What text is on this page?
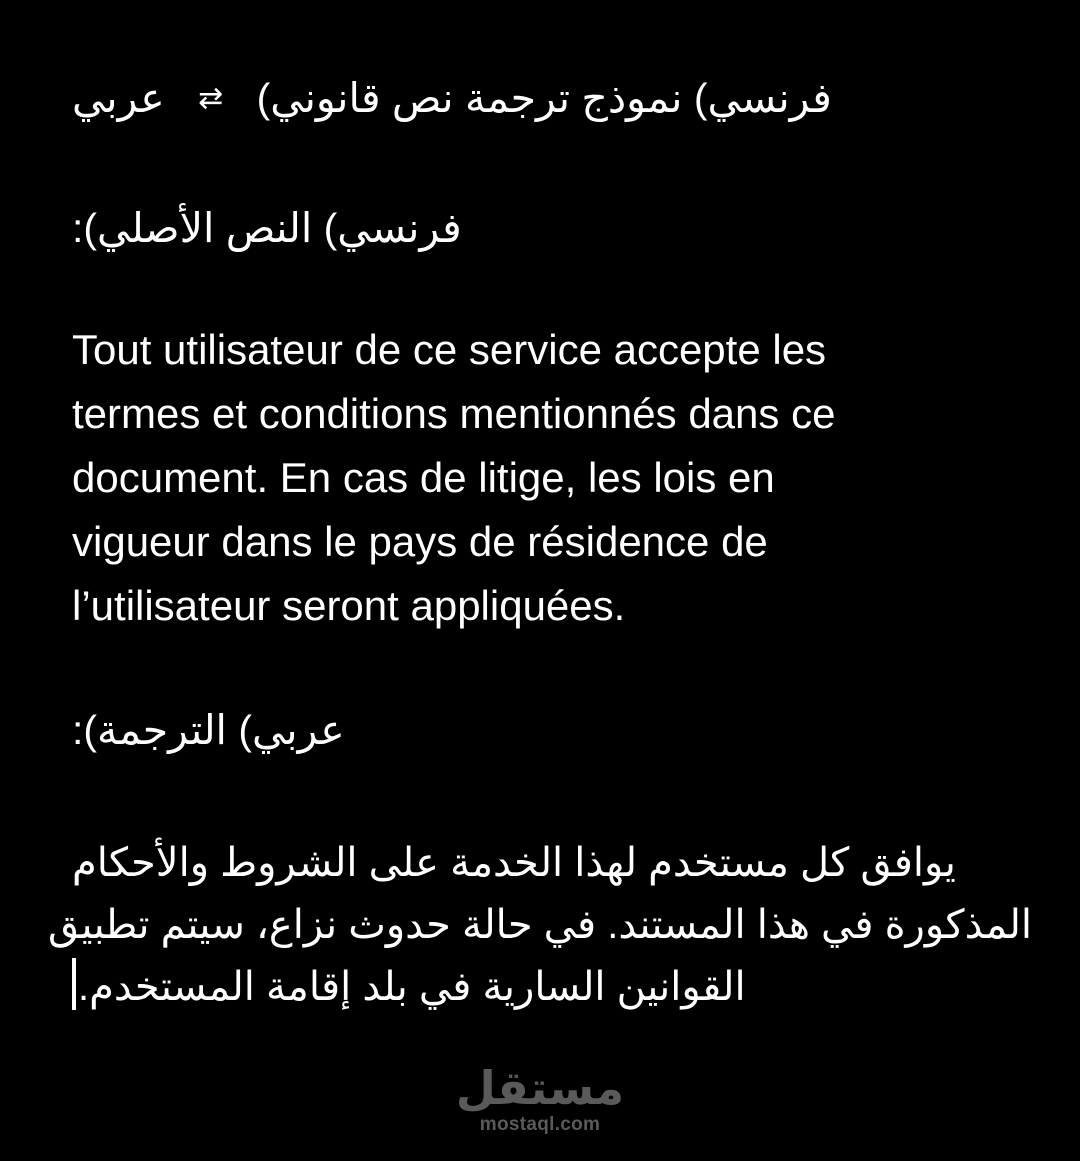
عربي ⇄ فرنسي) نموذج ترجمة نص قانوني)
فرنسي) النص الأصلي):
Tout utilisateur de ce service accepte les
termes et conditions mentionnés dans ce
document. En cas de litige, les lois en
vigueur dans le pays de résidence de
l’utilisateur seront appliquées.
عربي) الترجمة):
يوافق كل مستخدم لهذا الخدمة على الشروط والأحكام
المذكورة في هذا المستند. في حالة حدوث نزاع، سيتم تطبيق
القوانين السارية في بلد إقامة المستخدم.
مستقل
mostaql.com
